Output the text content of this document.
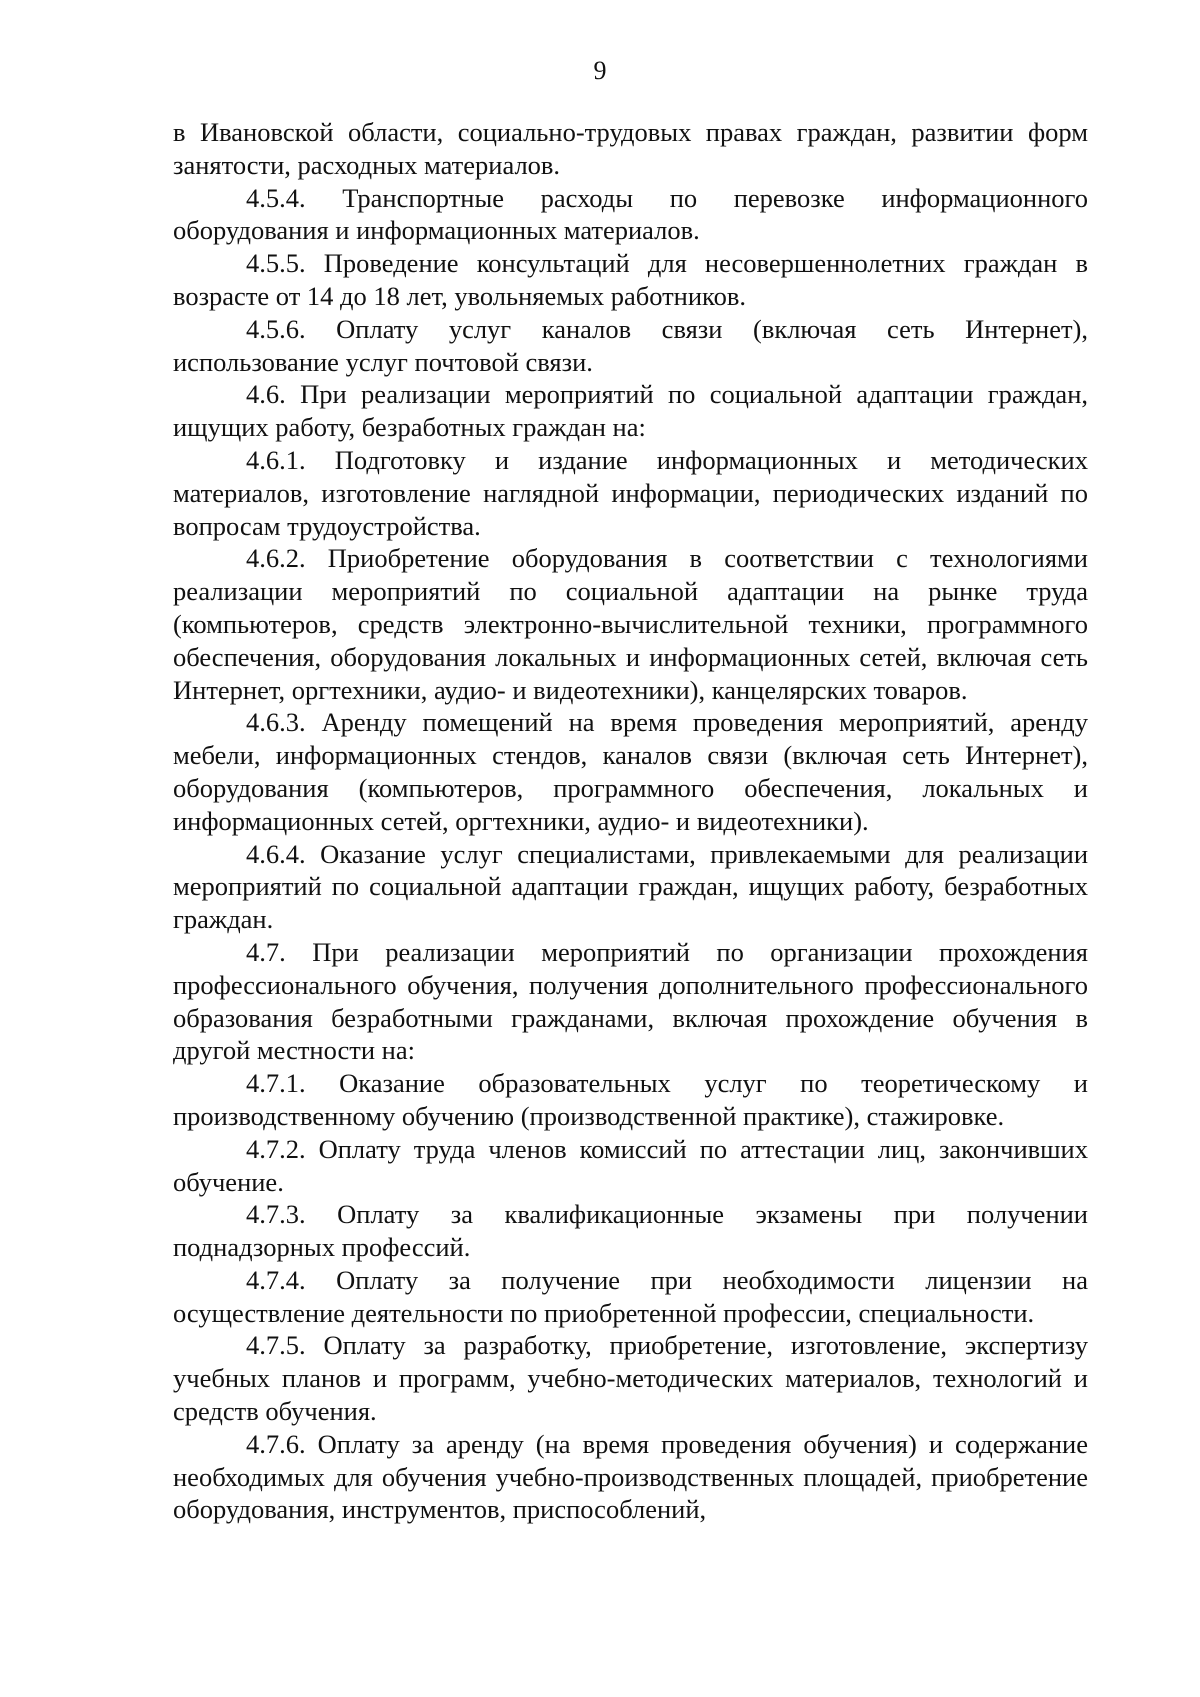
9

в Ивановской области, социально-трудовых правах граждан, развитии форм занятости, расходных материалов.

4.5.4. Транспортные расходы по перевозке информационного оборудования и информационных материалов.

4.5.5. Проведение консультаций для несовершеннолетних граждан в возрасте от 14 до 18 лет, увольняемых работников.

4.5.6. Оплату услуг каналов связи (включая сеть Интернет), использование услуг почтовой связи.

4.6. При реализации мероприятий по социальной адаптации граждан, ищущих работу, безработных граждан на:

4.6.1. Подготовку и издание информационных и методических материалов, изготовление наглядной информации, периодических изданий по вопросам трудоустройства.

4.6.2. Приобретение оборудования в соответствии с технологиями реализации мероприятий по социальной адаптации на рынке труда (компьютеров, средств электронно-вычислительной техники, программного обеспечения, оборудования локальных и информационных сетей, включая сеть Интернет, оргтехники, аудио- и видеотехники), канцелярских товаров.

4.6.3. Аренду помещений на время проведения мероприятий, аренду мебели, информационных стендов, каналов связи (включая сеть Интернет), оборудования (компьютеров, программного обеспечения, локальных и информационных сетей, оргтехники, аудио- и видеотехники).

4.6.4. Оказание услуг специалистами, привлекаемыми для реализации мероприятий по социальной адаптации граждан, ищущих работу, безработных граждан.

4.7. При реализации мероприятий по организации прохождения профессионального обучения, получения дополнительного профессионального образования безработными гражданами, включая прохождение обучения в другой местности на:

4.7.1. Оказание образовательных услуг по теоретическому и производственному обучению (производственной практике), стажировке.

4.7.2. Оплату труда членов комиссий по аттестации лиц, закончивших обучение.

4.7.3. Оплату за квалификационные экзамены при получении поднадзорных профессий.

4.7.4. Оплату за получение при необходимости лицензии на осуществление деятельности по приобретенной профессии, специальности.

4.7.5. Оплату за разработку, приобретение, изготовление, экспертизу учебных планов и программ, учебно-методических материалов, технологий и средств обучения.

4.7.6. Оплату за аренду (на время проведения обучения) и содержание необходимых для обучения учебно-производственных площадей, приобретение оборудования, инструментов, приспособлений,
